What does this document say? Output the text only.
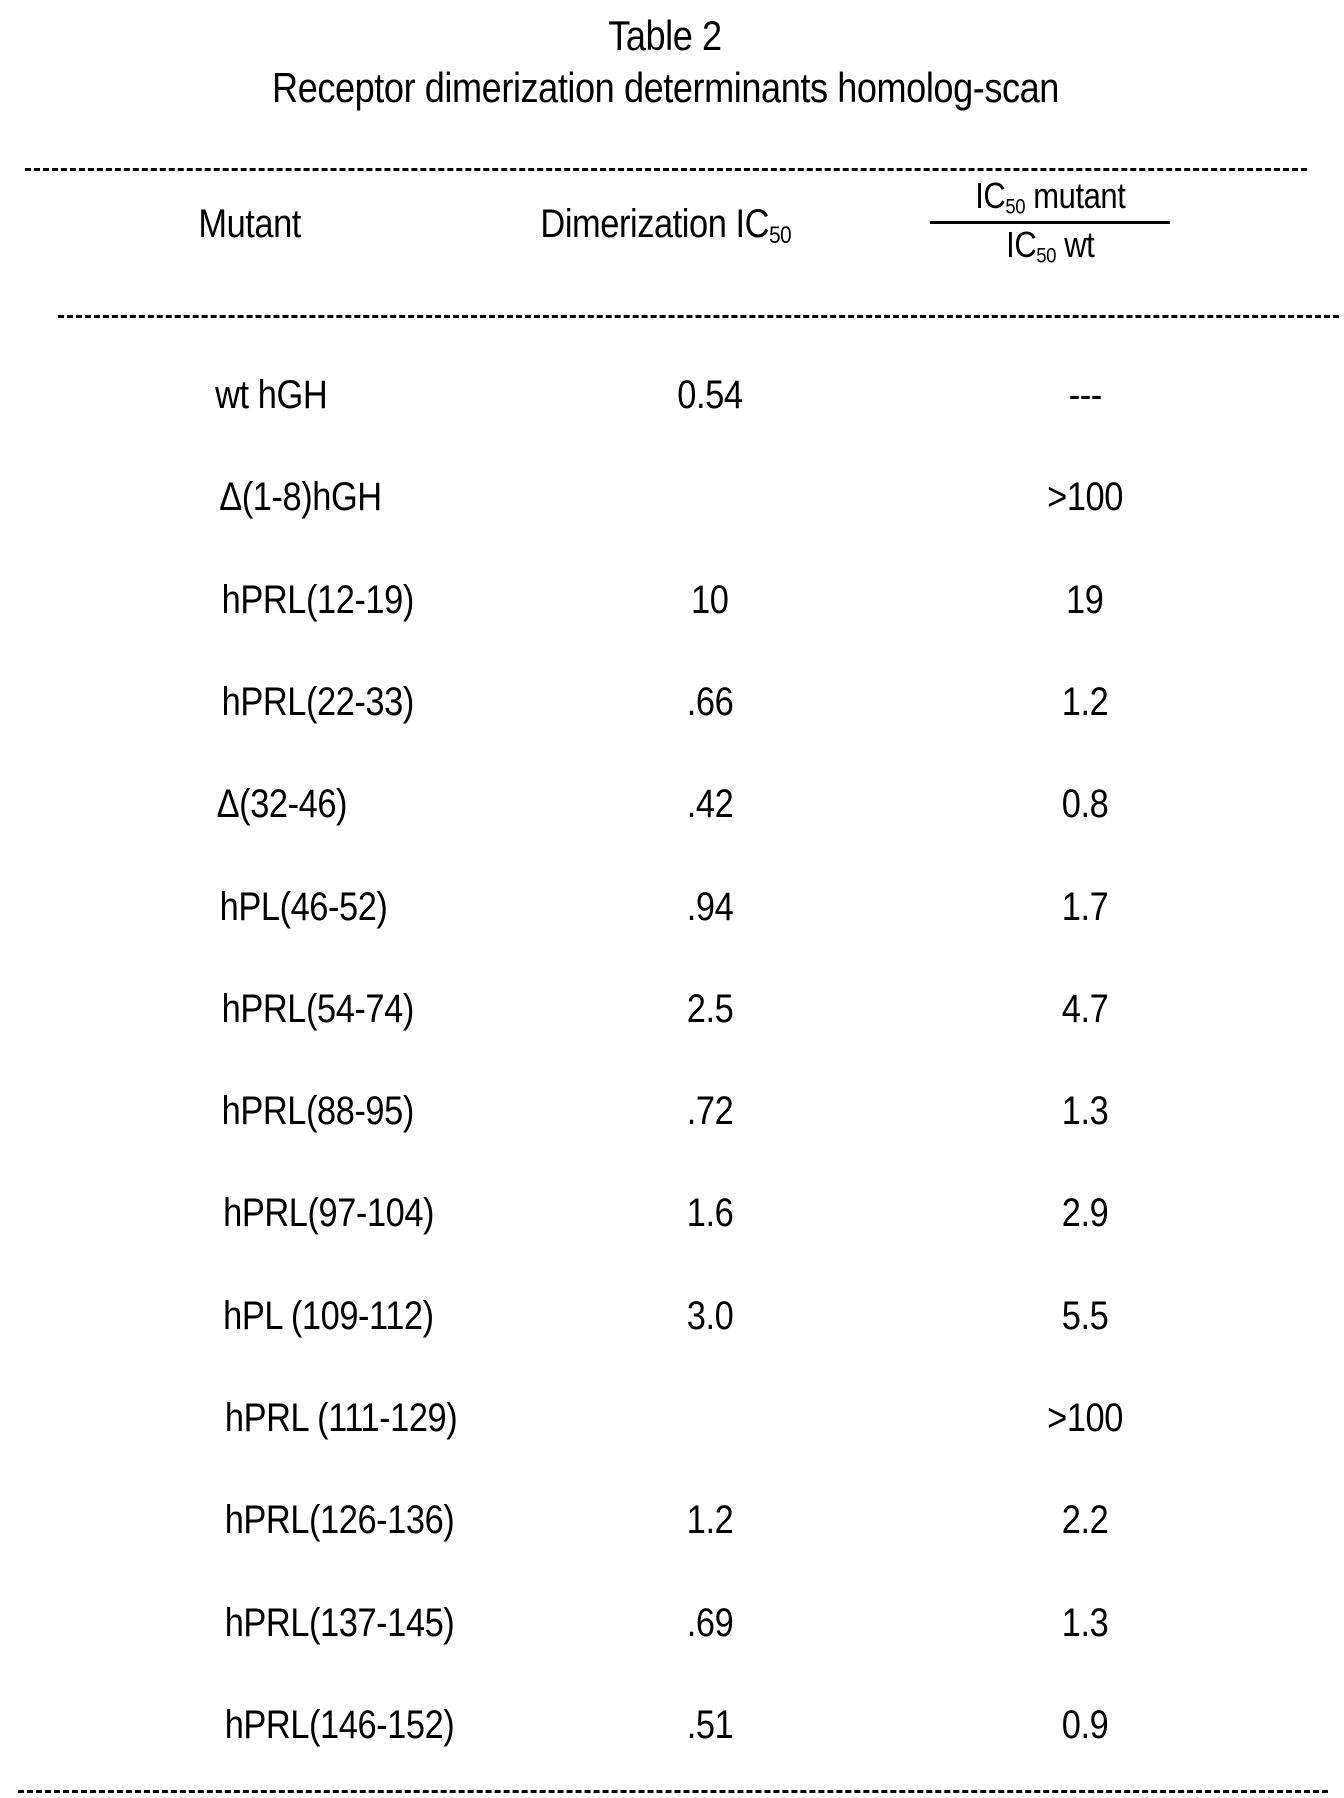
Table 2
Receptor dimerization determinants homolog-scan
Mutant	Dimerization IC50
IC50 mutant
IC50 wt
wt hGH	0.54	---
Δ(1-8)hGH	>100
hPRL(12-19)	10	19
hPRL(22-33)	.66	1.2
Δ(32-46)	.42	0.8
hPL(46-52)	.94	1.7
hPRL(54-74)	2.5	4.7
hPRL(88-95)	.72	1.3
hPRL(97-104)	1.6	2.9
hPL (109-112)	3.0	5.5
hPRL (111-129)	>100
hPRL(126-136)	1.2	2.2
hPRL(137-145)	.69	1.3
hPRL(146-152)	.51	0.9
